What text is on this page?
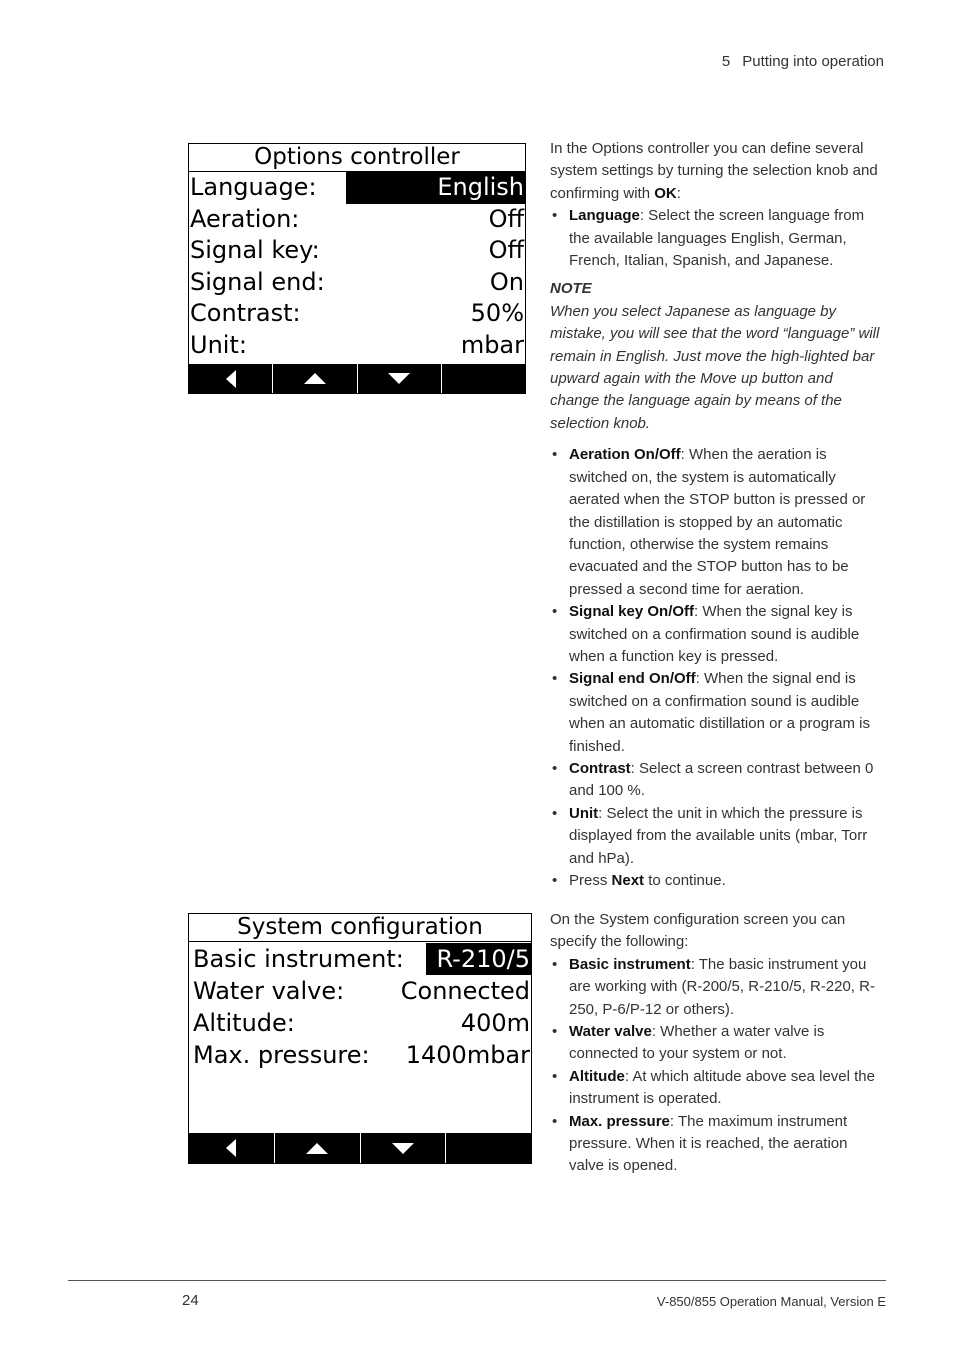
5 Putting into operation
Options controller
Language:	English
Aeration:	Off
Signal key:	Off
Signal end:	On
Contrast:	50%
Unit:	mbar

In the Options controller you can define several system settings by turning the selection knob and confirming with OK:

• Language: Select the screen language from the available languages English, German, French, Italian, Spanish, and Japanese.

NOTE

When you select Japanese as language by mistake, you will see that the word “language” will remain in English. Just move the high-lighted bar upward again with the Move up button and change the language again by means of the selection knob.

• Aeration On/Off: When the aeration is switched on, the system is automatically aerated when the STOP button is pressed or the distillation is stopped by an automatic function, otherwise the system remains evacuated and the STOP button has to be pressed a second time for aeration.
• Signal key On/Off: When the signal key is switched on a confirmation sound is audible when a function key is pressed.
• Signal end On/Off: When the signal end is switched on a confirmation sound is audible when an automatic distillation or a program is finished.
• Contrast: Select a screen contrast between 0 and 100 %.
• Unit: Select the unit in which the pressure is displayed from the available units (mbar, Torr and hPa).
• Press Next to continue.
System configuration
Basic instrument:	R-210/5
Water valve: Connected
Altitude:	400m
Max. pressure: 1400mbar

On the System configuration screen you can specify the following:

• Basic instrument: The basic instrument you are working with (R-200/5, R-210/5, R-220, R-250, P-6/P-12 or others).
• Water valve: Whether a water valve is connected to your system or not.
• Altitude: At which altitude above sea level the instrument is operated.
• Max. pressure: The maximum instrument pressure. When it is reached, the aeration valve is opened.
24	V-850/855 Operation Manual, Version E
